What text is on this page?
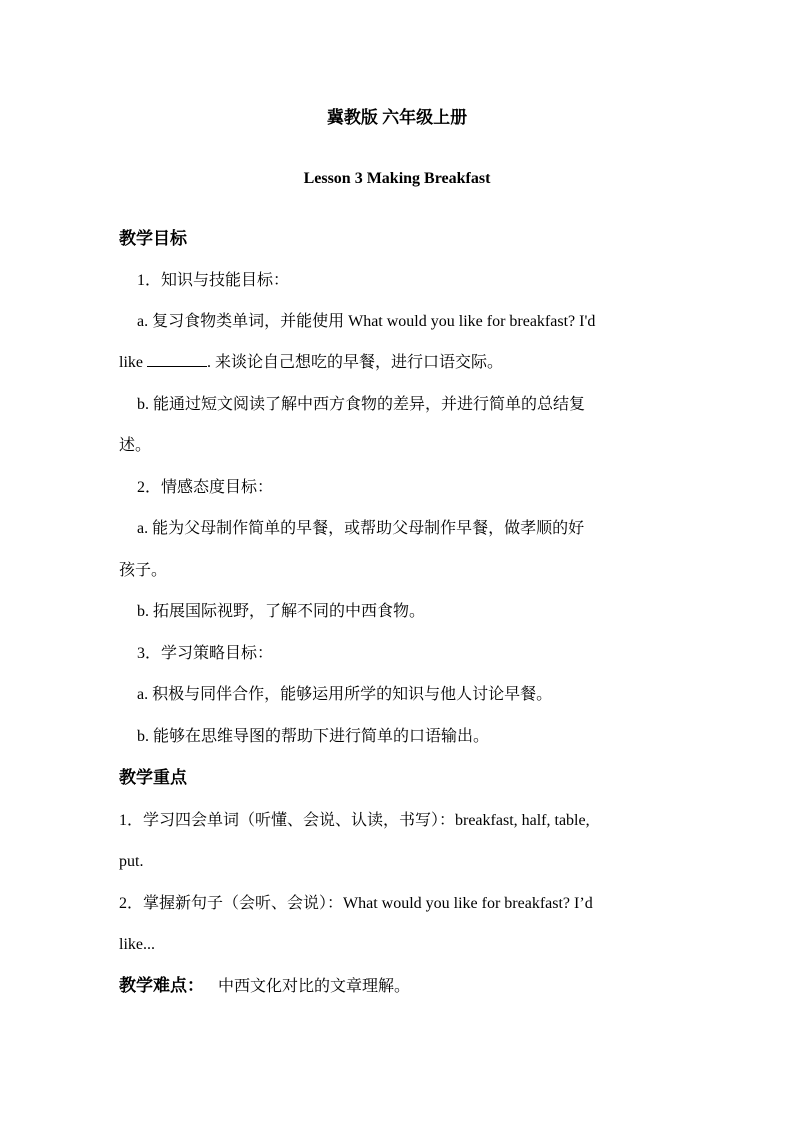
冀教版 六年级上册
Lesson 3 Making Breakfast
教学目标
1．知识与技能目标：
a. 复习食物类单词，并能使用 What would you like for breakfast? I'd
like	. 来谈论自己想吃的早餐，进行口语交际。
b. 能通过短文阅读了解中西方食物的差异，并进行简单的总结复
述。
2．情感态度目标：
a. 能为父母制作简单的早餐，或帮助父母制作早餐，做孝顺的好
孩子。
b. 拓展国际视野，了解不同的中西食物。
3．学习策略目标：
a. 积极与同伴合作，能够运用所学的知识与他人讨论早餐。
b. 能够在思维导图的帮助下进行简单的口语输出。
教学重点
1．学习四会单词（听懂、会说、认读，书写）：breakfast, half, table,
put.
2．掌握新句子（会听、会说）：What would you like for breakfast? I’d
like...
教学难点： 中西文化对比的文章理解。
